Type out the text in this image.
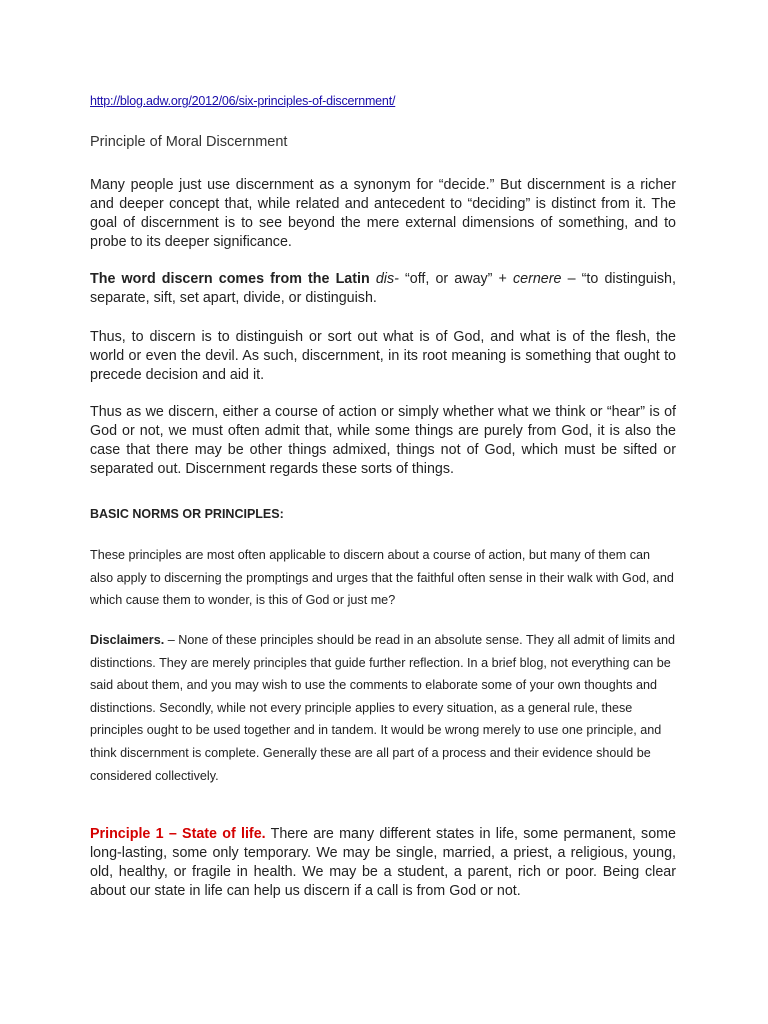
http://blog.adw.org/2012/06/six-principles-of-discernment/
Principle of Moral Discernment

Many people just use discernment as a synonym for “decide.” But discernment is a richer and deeper concept that, while related and antecedent to “deciding” is distinct from it. The goal of discernment is to see beyond the mere external dimensions of something, and to probe to its deeper significance.

The word discern comes from the Latin dis- “off, or away” + cernere – “to distinguish, separate, sift, set apart, divide, or distinguish.

Thus, to discern is to distinguish or sort out what is of God, and what is of the flesh, the world or even the devil. As such, discernment, in its root meaning is something that ought to precede decision and aid it.

Thus as we discern, either a course of action or simply whether what we think or “hear” is of God or not, we must often admit that, while some things are purely from God, it is also the case that there may be other things admixed, things not of God, which must be sifted or separated out. Discernment regards these sorts of things.

BASIC NORMS OR PRINCIPLES:

These principles are most often applicable to discern about a course of action, but many of them can also apply to discerning the promptings and urges that the faithful often sense in their walk with God, and which cause them to wonder, is this of God or just me?

Disclaimers. – None of these principles should be read in an absolute sense. They all admit of limits and distinctions. They are merely principles that guide further reflection. In a brief blog, not everything can be said about them, and you may wish to use the comments to elaborate some of your own thoughts and distinctions. Secondly, while not every principle applies to every situation, as a general rule, these principles ought to be used together and in tandem. It would be wrong merely to use one principle, and think discernment is complete. Generally these are all part of a process and their evidence should be considered collectively.

Principle 1 – State of life. There are many different states in life, some permanent, some long-lasting, some only temporary. We may be single, married, a priest, a religious, young, old, healthy, or fragile in health. We may be a student, a parent, rich or poor. Being clear about our state in life can help us discern if a call is from God or not.
